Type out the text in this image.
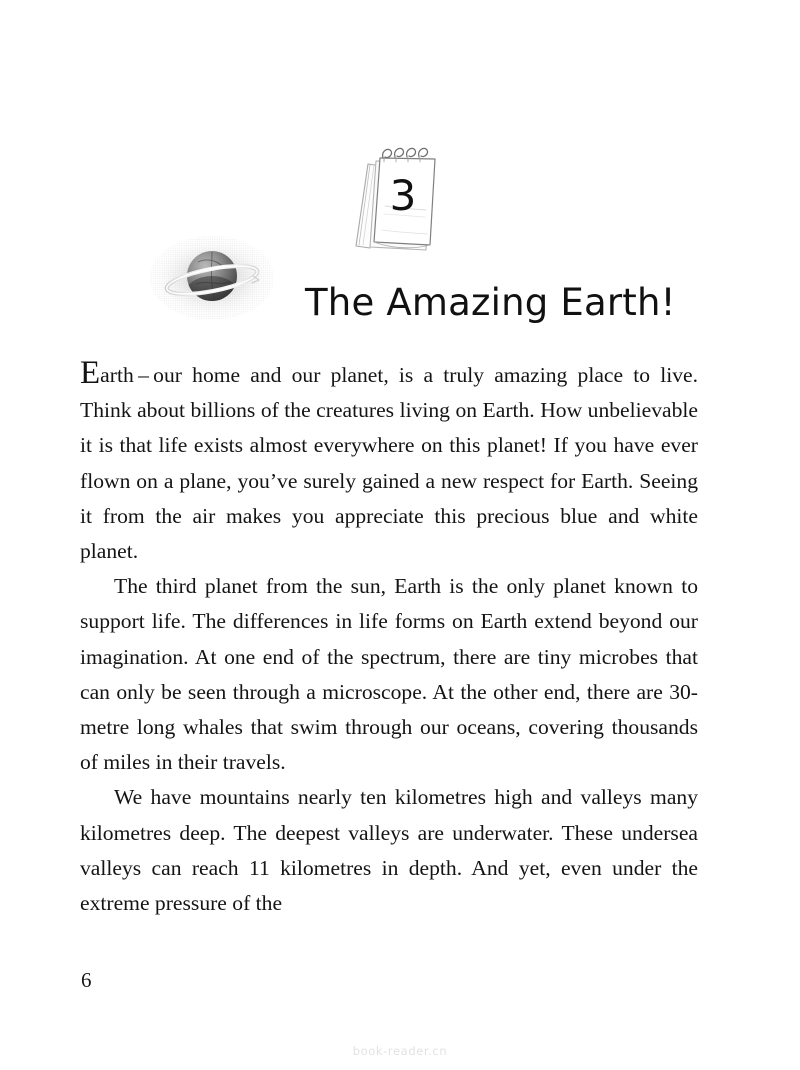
3
The Amazing Earth!

Earth – our home and our planet, is a truly amazing place to live. Think about billions of the creatures living on Earth. How unbelievable it is that life exists almost everywhere on this planet! If you have ever flown on a plane, you’ve surely gained a new respect for Earth. Seeing it from the air makes you appreciate this precious blue and white planet.

The third planet from the sun, Earth is the only planet known to support life. The differences in life forms on Earth extend beyond our imagination. At one end of the spectrum, there are tiny microbes that can only be seen through a microscope. At the other end, there are 30-metre long whales that swim through our oceans, covering thousands of miles in their travels.

We have mountains nearly ten kilometres high and valleys many kilometres deep. The deepest valleys are underwater. These undersea valleys can reach 11 kilometres in depth. And yet, even under the extreme pressure of the

6
book-reader.cn
